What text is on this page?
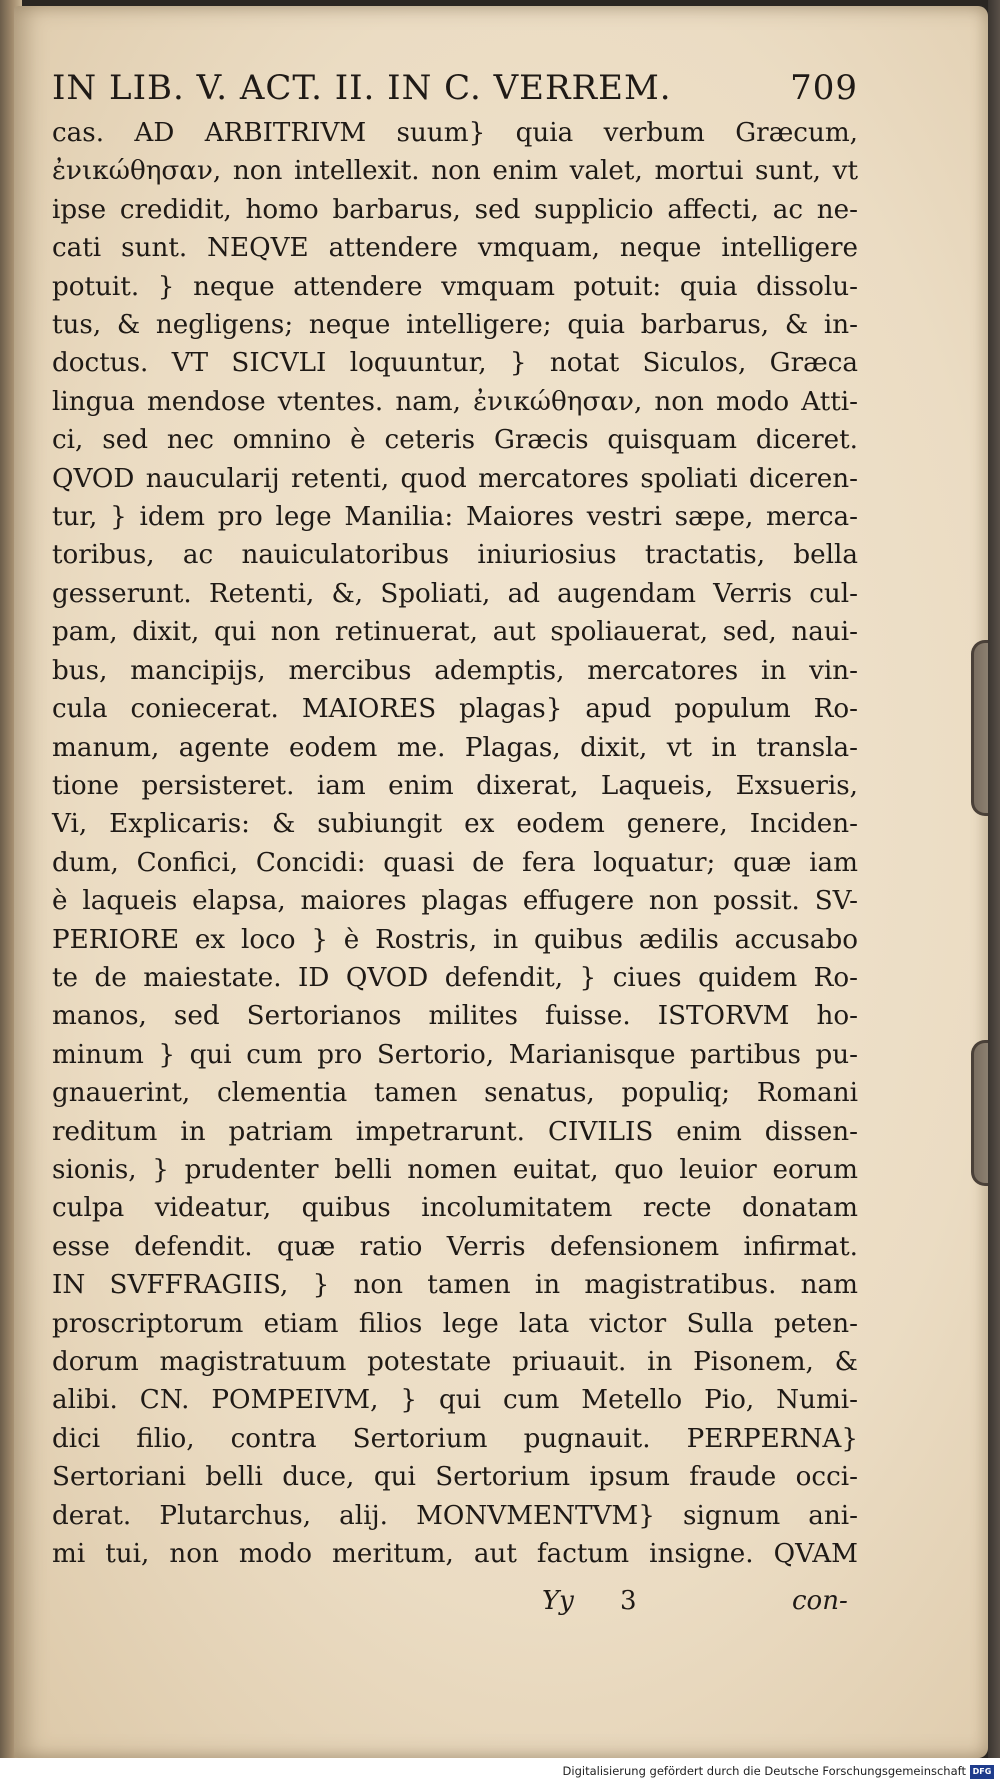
IN LIB. V. ACT. II. IN C. VERREM.	709
cas. AD ARBITRIVM suum} quia verbum Græcum,
ἐνικώθησαν, non intellexit. non enim valet, mortui sunt, vt
ipse credidit, homo barbarus, sed supplicio affecti, ac ne-
cati sunt. NEQVE attendere vmquam, neque intelligere
potuit. } neque attendere vmquam potuit: quia dissolu-
tus, & negligens; neque intelligere; quia barbarus, & in-
doctus. VT SICVLI loquuntur, } notat Siculos, Græca
lingua mendose vtentes. nam, ἐνικώθησαν, non modo Atti-
ci, sed nec omnino è ceteris Græcis quisquam diceret.
QVOD naucularij retenti, quod mercatores spoliati diceren-
tur, } idem pro lege Manilia: Maiores vestri sæpe, merca-
toribus, ac nauiculatoribus iniuriosius tractatis, bella
gesserunt. Retenti, &, Spoliati, ad augendam Verris cul-
pam, dixit, qui non retinuerat, aut spoliauerat, sed, naui-
bus, mancipijs, mercibus ademptis, mercatores in vin-
cula coniecerat. MAIORES plagas} apud populum Ro-
manum, agente eodem me. Plagas, dixit, vt in transla-
tione persisteret. iam enim dixerat, Laqueis, Exsueris,
Vi, Explicaris: & subiungit ex eodem genere, Inciden-
dum, Confici, Concidi: quasi de fera loquatur; quæ iam
è laqueis elapsa, maiores plagas effugere non possit. SV-
PERIORE ex loco } è Rostris, in quibus ædilis accusabo
te de maiestate. ID QVOD defendit, } ciues quidem Ro-
manos, sed Sertorianos milites fuisse. ISTORVM ho-
minum } qui cum pro Sertorio, Marianisque partibus pu-
gnauerint, clementia tamen senatus, populiq; Romani
reditum in patriam impetrarunt. CIVILIS enim dissen-
sionis, } prudenter belli nomen euitat, quo leuior eorum
culpa videatur, quibus incolumitatem recte donatam
esse defendit. quæ ratio Verris defensionem infirmat.
IN SVFFRAGIIS, } non tamen in magistratibus. nam
proscriptorum etiam filios lege lata victor Sulla peten-
dorum magistratuum potestate priuauit. in Pisonem, &
alibi. CN. POMPEIVM, } qui cum Metello Pio, Numi-
dici filio, contra Sertorium pugnauit. PERPERNA}
Sertoriani belli duce, qui Sertorium ipsum fraude occi-
derat. Plutarchus, alij. MONVMENTVM} signum ani-
mi tui, non modo meritum, aut factum insigne. QVAM
Yy 3	con-
Digitalisierung gefördert durch die Deutsche Forschungsgemeinschaft DFG
